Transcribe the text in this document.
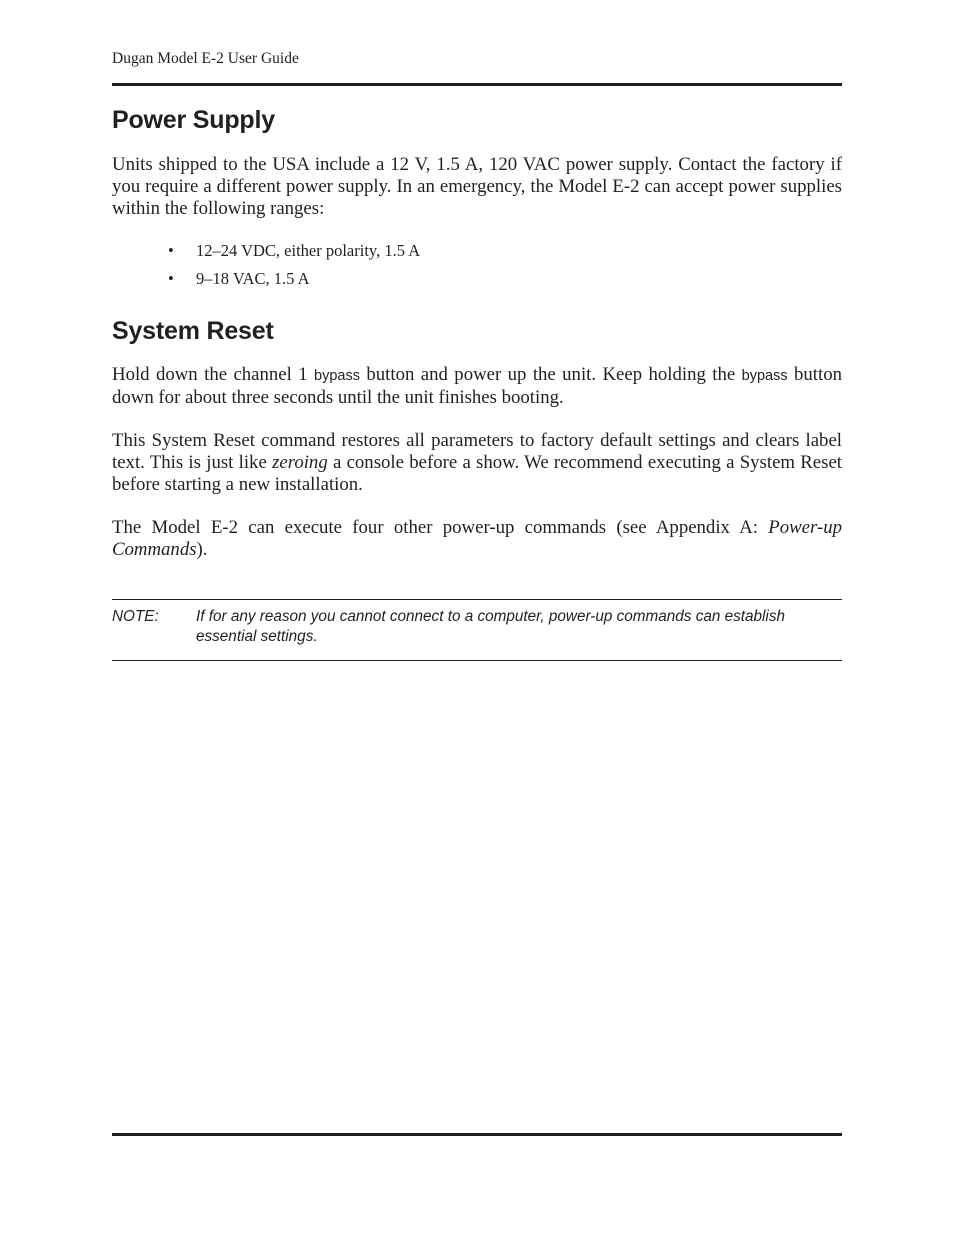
Dugan Model E-2 User Guide
Power Supply

Units shipped to the USA include a 12 V, 1.5 A, 120 VAC power supply. Contact the factory if you require a different power supply. In an emergency, the Model E-2 can accept power supplies within the following ranges:

• 12–24 VDC, either polarity, 1.5 A
• 9–18 VAC, 1.5 A
System Reset

Hold down the channel 1 bypass button and power up the unit. Keep holding the bypass button down for about three seconds until the unit finishes booting.

This System Reset command restores all parameters to factory default settings and clears label text. This is just like zeroing a console before a show. We recommend executing a System Reset before starting a new installation.

The Model E-2 can execute four other power-up commands (see Appendix A: Power-up Commands).

NOTE: If for any reason you cannot connect to a computer, power-up commands can establish essential settings.
